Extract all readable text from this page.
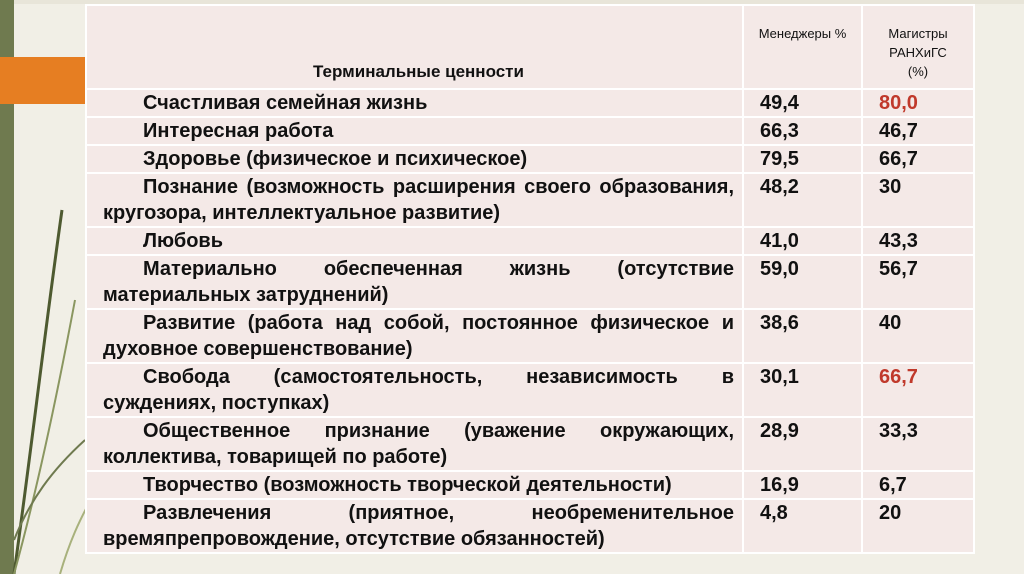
Терминальные ценности	Менеджеры %	Магистры
РАНХиГС
(%)
Счастливая семейная жизнь	49,4	80,0
Интересная работа	66,3	46,7
Здоровье (физическое и психическое)	79,5	66,7
Познание (возможность расширения своего образования, кругозора, интеллектуальное развитие)	48,2	30
Любовь	41,0	43,3
Материально обеспеченная жизнь (отсутствие материальных затруднений)	59,0	56,7
Развитие (работа над собой, постоянное физическое и духовное совершенствование)	38,6	40
Свобода (самостоятельность, независимость в суждениях, поступках)	30,1	66,7
Общественное признание (уважение окружающих, коллектива, товарищей по работе)	28,9	33,3
Творчество (возможность творческой деятельности)	16,9	6,7
Развлечения (приятное, необременительное времяпрепровождение, отсутствие обязанностей)	4,8	20
